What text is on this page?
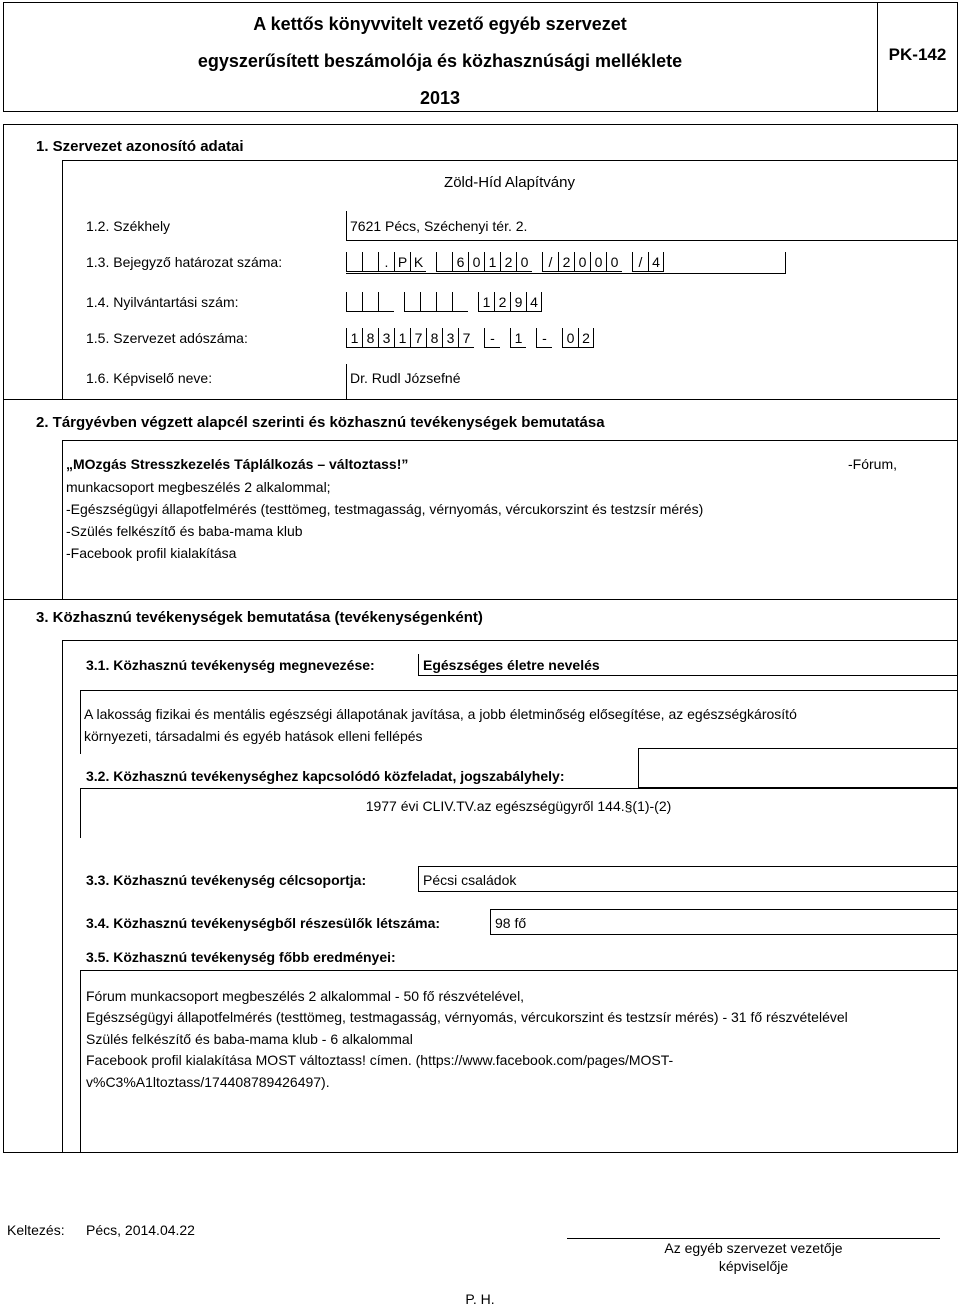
A kettős könyvvitelt vezető egyéb szervezet
egyszerűsített beszámolója és közhasznúsági melléklete
2013
PK-142
1. Szervezet azonosító adatai
Zöld-Híd Alapítvány
1.2. Székhely	7621 Pécs, Széchenyi tér. 2.
1.3. Bejegyző határozat száma:	. P K	6 0 1 2 0	/ 2 0 0 0	/ 4
1.4. Nyilvántartási szám:	1 2 9 4
1.5. Szervezet adószáma:	1 8 3 1 7 8 3 7	-	1	-	0 2
1.6. Képviselő neve:	Dr. Rudl Józsefné
2. Tárgyévben végzett alapcél szerinti és közhasznú tevékenységek bemutatása
„MOzgás Stresszkezelés Táplálkozás – változtass!”	-Fórum,
munkacsoport megbeszélés 2 alkalommal;
-Egészségügyi állapotfelmérés (testtömeg, testmagasság, vérnyomás, vércukorszint és testzsír mérés)
-Szülés felkészítő és baba-mama klub
-Facebook profil kialakítása
3. Közhasznú tevékenységek bemutatása (tevékenységenként)
3.1. Közhasznú tevékenység megnevezése:	Egészséges életre nevelés
A lakosság fizikai és mentális egészségi állapotának javítása, a jobb életminőség elősegítése, az egészségkárosító
környezeti, társadalmi és egyéb hatások elleni fellépés
3.2. Közhasznú tevékenységhez kapcsolódó közfeladat, jogszabályhely:
1977 évi CLIV.TV.az egészségügyről 144.§(1)-(2)
3.3. Közhasznú tevékenység célcsoportja:	Pécsi családok
3.4. Közhasznú tevékenységből részesülők létszáma:	98 fő
3.5. Közhasznú tevékenység főbb eredményei:
Fórum munkacsoport megbeszélés 2 alkalommal - 50 fő részvételével,
Egészségügyi állapotfelmérés (testtömeg, testmagasság, vérnyomás, vércukorszint és testzsír mérés) - 31 fő részvételével
Szülés felkészítő és baba-mama klub - 6 alkalommal
Facebook profil kialakítása MOST változtass! címen. (https://www.facebook.com/pages/MOST-
v%C3%A1ltoztass/174408789426497).
Keltezés: Pécs, 2014.04.22
Az egyéb szervezet vezetője
képviselője
P. H.
